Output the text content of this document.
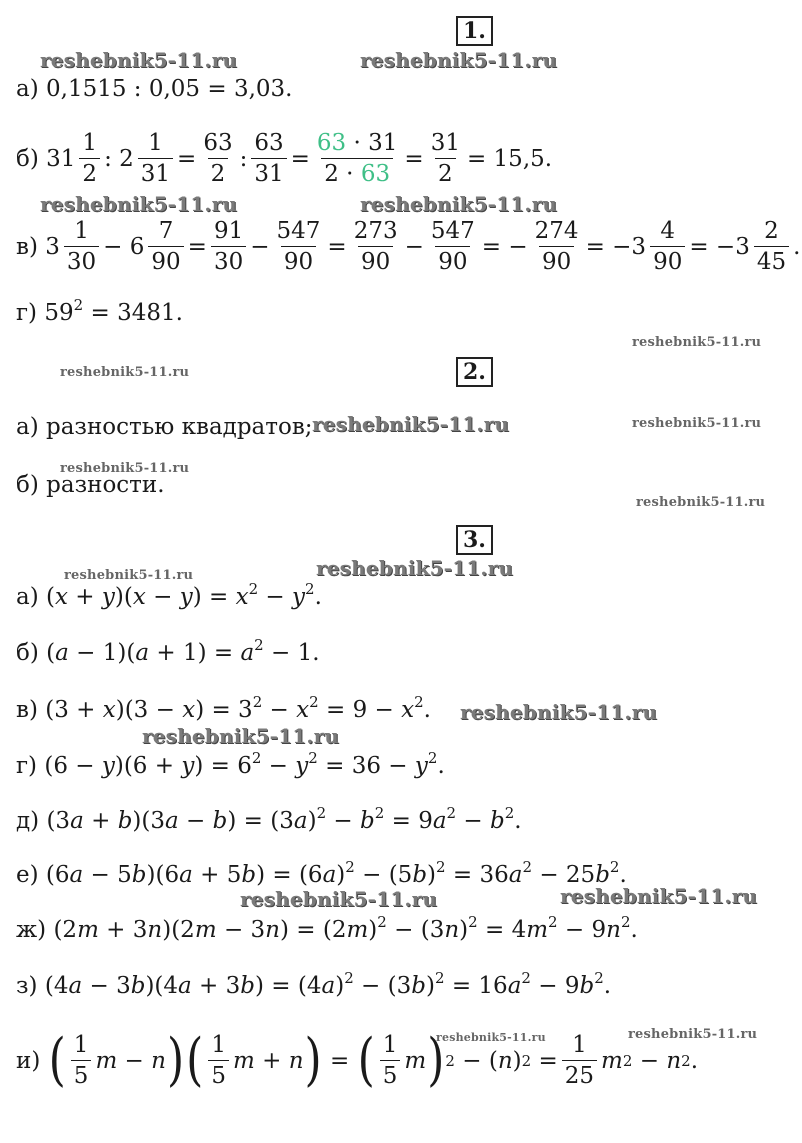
1.
а) 0,1515 : 0,05 = 3,03.
б)
$31 \frac{1}{2}$ :
$2 \frac{1}{31} = \frac{63}{2}$ : $\frac{63}{31} = \frac{63 \cdot 31}{2 \cdot 63} = \frac{31}{2} = 15,5$.
в)
$3 \frac{1}{30}$ −
$6 \frac{7}{90} = \frac{91}{30} - \frac{547}{90} = \frac{273}{90} - \frac{547}{90}$ = − $\frac{274}{90} = -3 \frac{4}{90} = -3 \frac{2}{45}$ .
г) $59^2 = 3481$.
2.
а) разностью квадратов;
б) разности.
3.
а) $(x + y)(x - y) = x^2 - y^2$.
б) $(a - 1)(a + 1) = a^2 - 1$.
в) $(3 + x)(3 - x) = 3^2 - x^2 = 9 - x^2$.
г) $(6 - y)(6 + y) = 6^2 - y^2 = 36 - y^2$.
д) $(3a + b)(3a - b) = (3a)^2 - b^2 = 9a^2 - b^2$.
е) $(6a - 5b)(6a + 5b) = (6a)^2 - (5b)^2 = 36a^2 - 25b^2$.
ж) $(2m + 3n)(2m - 3n) = (2m)^2 - (3n)^2 = 4m^2 - 9n^2$.
з) $(4a - 3b)(4a + 3b) = (4a)^2 - (3b)^2 = 16a^2 - 9b^2$.
и)
( $\frac{1}{5}$ m − n ) ( $\frac{1}{5}$ m + n ) = ( $\frac{1}{5}$ m ) 2 − ( n ) $2 = \frac{1}{25}$ m 2 − n 2 .
reshebnik5-11.ru	reshebnik5-11.ru
reshebnik5-11.ru	reshebnik5-11.ru
reshebnik5-11.ru
reshebnik5-11.ru
reshebnik5-11.ru	reshebnik5-11.ru
reshebnik5-11.ru
reshebnik5-11.ru
reshebnik5-11.ru
reshebnik5-11.ru
reshebnik5-11.ru
reshebnik5-11.ru
reshebnik5-11.ru	reshebnik5-11.ru
reshebnik5-11.ru	reshebnik5-11.ru
